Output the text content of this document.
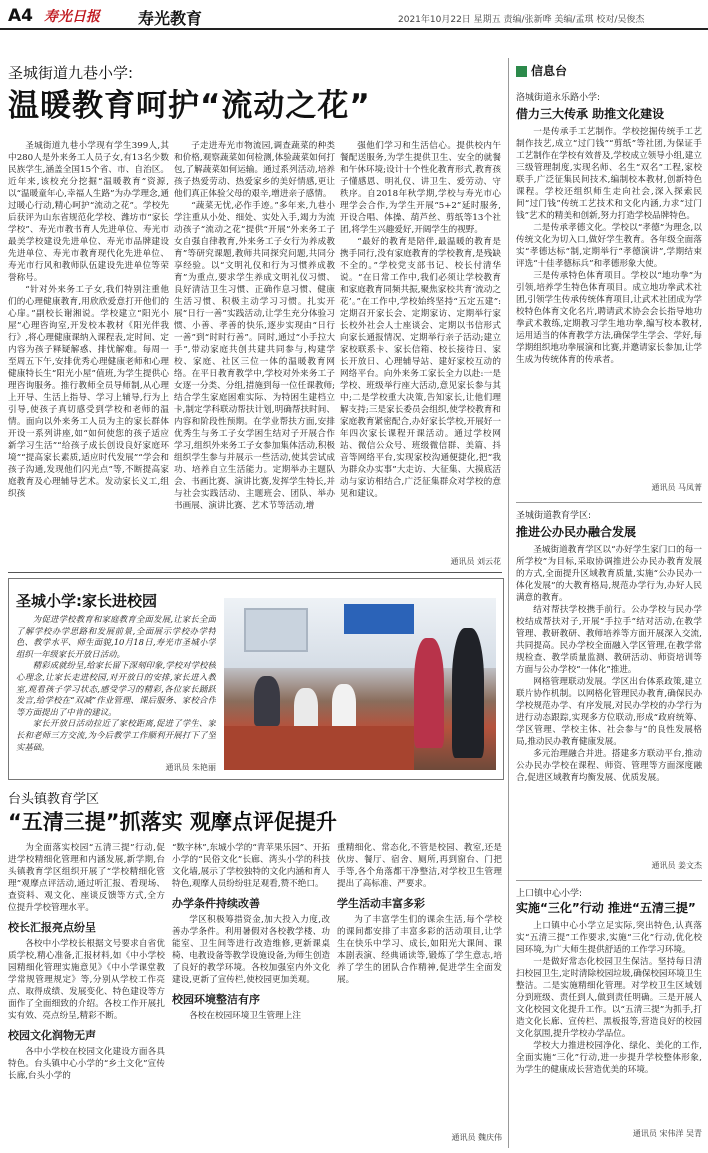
A4 寿光日报 寿光教育	2021年10月22日 星期五 责编/张新哗 美编/孟琪 校对/吴俊杰
圣城街道九巷小学:
温暖教育呵护“流动之花”

圣城街道九巷小学现有学生399人,其中280人是外来务工人员子女,有13名少数民族学生,涵盖全国15个省、市、自治区。近年来,该校充分挖掘“温暖教育”资源,以“温暖童年心,幸福人生路”为办学理念,通过暖心行动,精心呵护“流动之花”。学校先后获评为山东省规范化学校、潍坊市“家长学校”、寿光市教书育人先进单位、寿光市最美学校建设先进单位、寿光市品牌建设先进单位、寿光市教育现代化先进单位、寿光市行风和教师队伍建设先进单位等荣誉称号。

“针对外来务工子女,我们特别注重他们的心理健康教育,用欣欣爱意打开他们的心扉。”副校长谢湘说。学校建立“阳光小屋”心理咨询室,开发校本教材《阳光伴我行》,将心理健康课纳入课程表,定时间、定内容为孩子释疑解惑、排忧解难。每周一至周五下午,安排优秀心理健康老师和心理健康特长生“阳光小屋”值班,为学生提供心理咨询服务。推行教师全员导师制,从心理上开导、生活上指导、学习上辅导,行为上引导,使孩子真切感受到学校和老师的温情。面向以外来务工人员为主的家长群体开设一系列讲座,如“如何使您的孩子适应新学习生活”“给孩子成长创设良好家庭环境”“提高家长素质,适应时代发展”“学会和孩子沟通,发现他们闪光点”等,不断提高家庭教育及心理辅导艺术。发动家长义工,组织孩

子走进寿光市物流园,调查蔬菜的种类和价格,观察蔬菜如何检测,体验蔬菜如何打包,了解蔬菜如何运输。通过系列活动,培养孩子热爱劳动、热爱家乡的美好情感,更让他们真正体验父母的艰辛,增进亲子感情。

“蔬菜无忧,必作手迹。”多年来,九巷小学注重从小处、细处、实处入手,竭力为流动孩子“流动之花”提供“开展”外来务工子女自强自律教育,外来务工子女行为养成教育”等研究课题,教师共同探究问题,共同分享经验。以“文明礼仪和行为习惯养成教育”为重点,要求学生养成文明礼仪习惯、良好清洁卫生习惯、正确作息习惯、健康生活习惯、积极主动学习习惯。扎实开展“日行一善”实践活动,让学生充分体验习惯、小善、孝善的快乐,逐步实现由“日行一善”到“时时行善”。同时,通过“小手拉大手”,带动家庭共创共建共同参与,构建学校、家庭、社区三位一体的温暖教育网络。在平日教育教学中,学校对外来务工子女逐一分类、分组,措施到每一位任课教师;结合学生家庭困难实际、为特困生建档立卡,制定学科联动帮扶计划,明确帮扶时间、内容和阶段性预期。在学业帮扶方面,安排优秀生与务工子女学困生结对子开展合作学习,组织外来务工子女参加集体活动,积极组织学生参与并展示一些活动,使其尝试成功、培养自立生活能力。定期举办主题队会、书画比赛、演讲比赛,发挥学生特长,并与社会实践活动、主题班会、团队、举办书画展、演讲比赛、艺术节等活动,增

强他们学习和生活信心。提供校内午餐配送服务,为学生提供卫生、安全的就餐和午休环境;设计十个性化教育形式,教育孩子懂感恩、明礼仪、讲卫生、爱劳动、守秩序。自2018年秋学期,学校与寿光市心理学会合作,为学生开展“5+2”延时服务,开设合唱、体操、葫芦丝、剪纸等13个社团,将学生兴趣爱好,开阔学生的视野。

“最好的教育是陪伴,最温暖的教育是携手同行,没有家庭教育的学校教育,是残缺不全的。”学校党支部书记、校长付清华说。“在日常工作中,我们必须让学校教育和家庭教育同频共振,聚焦家校共育‘流动之花’。”在工作中,学校始终坚持“五定五建”:定期召开家长会、定期家访、定期举行家长校外社会人士座谈会、定期以书信形式向家长通报情况、定期举行亲子活动;建立家校联系卡、家长信箱、校长接待日、家长开放日、心理辅导站、建好家校互动的网络平台。向外来务工家长全力以赴:一是学校、班级举行座大活动,意见家长参与其中;二是学校重大决策,告知家长,让他们理解支持;三是家长委员会组织,使学校教育和家庭教育紧密配合,办好家长学校,开展好一年四次家长课程开课活动。通过学校网站、微信公众号、班级微信群、美篇、抖音等网络平台,实现家校沟通便捷化,把“我为群众办实事”大走访、大征集、大摸底活动与家访相结合,广泛征集群众对学校的意见和建议。

通讯员 刘云花
圣城小学:家长进校园

为促进学校教育和家庭教育全面发展,让家长全面了解学校办学思路和发展前景,全面展示学校办学特色、教学水平、师生面貌,10月18日,寿光市圣城小学组织一年级家长开放日活动。

精彩成就纷呈,给家长留下深刻印象,学校对学校核心理念,让家长走进校园,对开放日的安排,家长进入教室,观看孩子学习状态,感受学习的精彩,各位家长踊跃发言,给学校在“双减”作业管理、课后服务、家校合作等方面提出了中肯的建议。

家长开放日活动拉近了家校距离,促进了学生、家长和老师三方交流,为今后教学工作顺利开展打下了坚实基础。

通讯员 朱艳丽
台头镇教育学区
“五清三提”抓落实 观摩点评促提升

为全面落实校园“五清三提”行动,促进学校精细化管理和内涵发展,新学期,台头镇教育学区组织开展了“学校精细化管理”观摩点评活动,通过听汇报、看现场、查资料、观文化、座谈反馈等方式,全方位提升学校管理水平。

校长汇报亮点纷呈

各校中小学校长根据文号要求自省优质学校,精心准备,汇报材料,如《中小学校园精细化管理实施意见》《中小学课堂教学常规管理规定》等,分别从学校工作亮点、取得成绩、发展变化、特色建设等方面作了全面细致的介绍。各校工作开展扎实有效、亮点纷呈,精彩不断。

校园文化润物无声

各中小学校在校园文化建设方面各具特色。台头镇中心小学的“乡土文化”宣传长廊,台头小学的

“数字林”,东城小学的“青苹果乐园”、开拓小学的“民俗文化”长廊、湾头小学的科技文化墙,展示了学校独特的文化内涵和育人特色,观摩人员纷纷驻足观看,赞不绝口。

办学条件持续改善

学区积极筹措资金,加大投入力度,改善办学条件。利用暑假对各校教学楼、功能室、卫生间等进行改造维修,更新课桌椅、电教设备等教学设施设备,为师生创造了良好的教学环境。各校加强室内外文化建设,更新了宣传栏,使校园更加美观。

校园环境整洁有序

各校在校园环境卫生管理上注

重精细化、常态化,不管是校园、教室,还是伙房、餐厅、宿舍、厕所,再到窗台、门把手等,各个角落都干净整洁,对学校卫生管理提出了高标准、严要求。

学生活动丰富多彩

为了丰富学生们的课余生活,每个学校的课间都安排了丰富多彩的活动项目,让学生在快乐中学习、成长,如阳光大课间、课本剧表演、经典诵读等,锻炼了学生意志,培养了学生的团队合作精神,促进学生全面发展。

通讯员 魏庆伟
信息台
洛城街道永乐路小学:
借力三大传承 助推文化建设

一是传承手工艺制作。学校挖掘传统手工艺制作技艺,成立“过门钱”“剪纸”等社团,为保证手工艺制作在学校有效普及,学校成立领导小组,建立三级管理制度,实现名师、名生“双名”工程,家校联手,广泛征集民间技术,编制校本教材,创新特色课程。学校还组织师生走向社会,深入探索民间“过门钱”传统工艺技术和文化内涵,力求“过门钱”艺术的精美和创新,努力打造学校品牌特色。

二是传承孝德文化。学校以“孝德”为理念,以传统文化为切入口,做好学生教育。各年级全面落实“孝德达标”制,定期举行“孝德演讲”,学期结束评选“十佳孝德标兵”和孝德形象大使。

三是传承特色体育项目。学校以“地功拳”为引领,培养学生特色体育项目。成立地功拳武术社团,引领学生传承传统体育项目,让武术社团成为学校特色体育文化名片,聘请武术协会会长指导地功拳武术教练,定期教习学生地功拳,编写校本教材,运用适当的体育教学方法,确保学生学会、学好,每学期组织地功拳展演和比赛,并邀请家长参加,让学生成为传统体育的传承者。

通讯员 马凤菁
圣城街道教育学区:
推进公办民办融合发展

圣城街道教育学区以“办好学生家门口的每一所学校”为目标,采取协调推进公办民办教育发展的方式,全面提升区域教育质量,实施“公办民办一体化发展”的大教育格局,规范办学行为,办好人民满意的教育。

结对帮扶学校携手前行。公办学校与民办学校结成帮扶对子,开展“手拉手”结对活动,在教学管理、教研教研、教师培养等方面开展深入交流,共同提高。民办学校全面融入学区管理,在教学常规检查、教学质量监测、教研活动、师资培训等方面与公办学校“一体化”推进。

网格管理联动发展。学区出台体系政策,建立联片协作机制。以网格化管理民办教育,确保民办学校规范办学、有序发展,对民办学校的办学行为进行动态跟踪,实现多方位联动,形成“政府统筹、学区管理、学校主体、社会参与”的良性发展格局,推动民办教育健康发展。

多元治理融合并进。搭建多方联动平台,推动公办民办学校在课程、师资、管理等方面深度融合,促进区域教育均衡发展、优质发展。

通讯员 姜文杰
上口镇中心小学:
实施“三化”行动 推进“五清三提”

上口镇中心小学立足实际,突出特色,认真落实“五清三提”工作要求,实施“三化”行动,优化校园环境,为广大师生提供舒适的工作学习环境。

一是做好常态化校园卫生保洁。坚持每日清扫校园卫生,定时清除校园垃圾,确保校园环境卫生整洁。二是实施精细化管理。对学校卫生区域划分到班级、责任到人,做到责任明确。三是开展人文化校园文化提升工作。以“五清三提”为抓手,打造文化长廊、宣传栏、黑板报等,营造良好的校园文化氛围,提升学校办学品位。

学校大力推进校园净化、绿化、美化的工作,全面实施“三化”行动,进一步提升学校整体形象,为学生的健康成长营造优美的环境。

通讯员 宋伟洋 吴青
